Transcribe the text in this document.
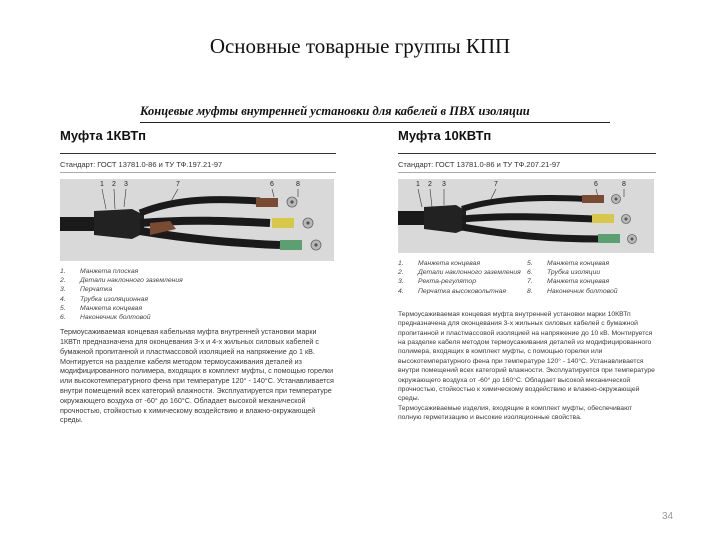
Основные товарные группы КПП
Концевые муфты внутренней установки для кабелей в ПВХ изоляции
Муфта 1КВТп
Стандарт: ГОСТ 13781.0-86 и ТУ ТФ.197.21-97
1 2 3	7	6	8
1. Манжета плоская
2. Детали наклонного заземления
3. Перчатка
4. Трубка изоляционная
5. Манжета концевая
6. Наконечник болтовой

Термоусаживаемая концевая кабельная муфта внутренней установки марки 1КВТп предназначена для оконцевания 3-х и 4-х жильных силовых кабелей с бумажной пропитанной и пластмассовой изоляцией на напряжение до 1 кВ. Монтируется на разделке кабеля методом термоусаживания деталей из модифицированного полимера, входящих в комплект муфты, с помощью горелки или высокотемпературного фена при температуре 120° - 140°С. Устанавливается внутри помещений всех категорий влажности. Эксплуатируется при температуре окружающего воздуха от -60° до 160°С. Обладает высокой механической прочностью, стойкостью к химическому воздействию и влажно-окружающей среды.

Муфта 10КВТп
Стандарт: ГОСТ 13781.0-86 и ТУ ТФ.207.21-97
1 2 3	7	6	8
1. Манжета концевая	5. Манжета концевая
2. Детали наклонного заземления 6. Трубка изоляции
3. Ректа-регулятор	7. Манжета концевая
4. Перчатка высоковольтная	8. Наконечник болтовой

Термоусаживаемая концевая муфта внутренней установки марки 10КВТп предназначена для оконцевания 3-х жильных силовых кабелей с бумажной пропитанной и пластмассовой изоляцией на напряжение до 10 кВ. Монтируется на разделке кабеля методом термоусаживания деталей из модифицированного полимера, входящих в комплект муфты, с помощью горелки или высокотемпературного фена при температуре 120° - 140°С. Устанавливается внутри помещений всех категорий влажности. Эксплуатируется при температуре окружающего воздуха от -60° до 160°С. Обладает высокой механической прочностью, стойкостью к химическому воздействию и влажно-окружающей среды.

Термоусаживаемые изделия, входящие в комплект муфты, обеспечивают полную герметизацию и высокие изоляционные свойства.

34
